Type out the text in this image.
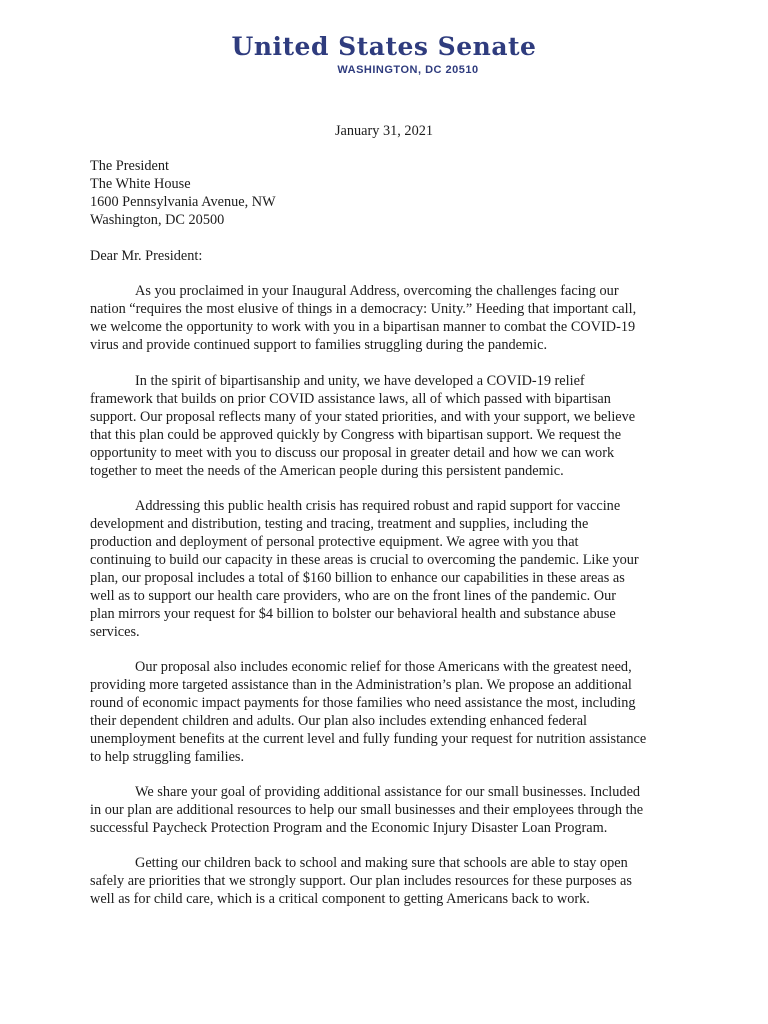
United States Senate
WASHINGTON, DC 20510
January 31, 2021
The President
The White House
1600 Pennsylvania Avenue, NW
Washington, DC 20500
Dear Mr. President:
As you proclaimed in your Inaugural Address, overcoming the challenges facing our
nation “requires the most elusive of things in a democracy: Unity.” Heeding that important call,
we welcome the opportunity to work with you in a bipartisan manner to combat the COVID-19
virus and provide continued support to families struggling during the pandemic.
In the spirit of bipartisanship and unity, we have developed a COVID-19 relief
framework that builds on prior COVID assistance laws, all of which passed with bipartisan
support. Our proposal reflects many of your stated priorities, and with your support, we believe
that this plan could be approved quickly by Congress with bipartisan support. We request the
opportunity to meet with you to discuss our proposal in greater detail and how we can work
together to meet the needs of the American people during this persistent pandemic.
Addressing this public health crisis has required robust and rapid support for vaccine
development and distribution, testing and tracing, treatment and supplies, including the
production and deployment of personal protective equipment. We agree with you that
continuing to build our capacity in these areas is crucial to overcoming the pandemic. Like your
plan, our proposal includes a total of $160 billion to enhance our capabilities in these areas as
well as to support our health care providers, who are on the front lines of the pandemic. Our
plan mirrors your request for $4 billion to bolster our behavioral health and substance abuse
services.
Our proposal also includes economic relief for those Americans with the greatest need,
providing more targeted assistance than in the Administration’s plan. We propose an additional
round of economic impact payments for those families who need assistance the most, including
their dependent children and adults. Our plan also includes extending enhanced federal
unemployment benefits at the current level and fully funding your request for nutrition assistance
to help struggling families.
We share your goal of providing additional assistance for our small businesses. Included
in our plan are additional resources to help our small businesses and their employees through the
successful Paycheck Protection Program and the Economic Injury Disaster Loan Program.
Getting our children back to school and making sure that schools are able to stay open
safely are priorities that we strongly support. Our plan includes resources for these purposes as
well as for child care, which is a critical component to getting Americans back to work.
